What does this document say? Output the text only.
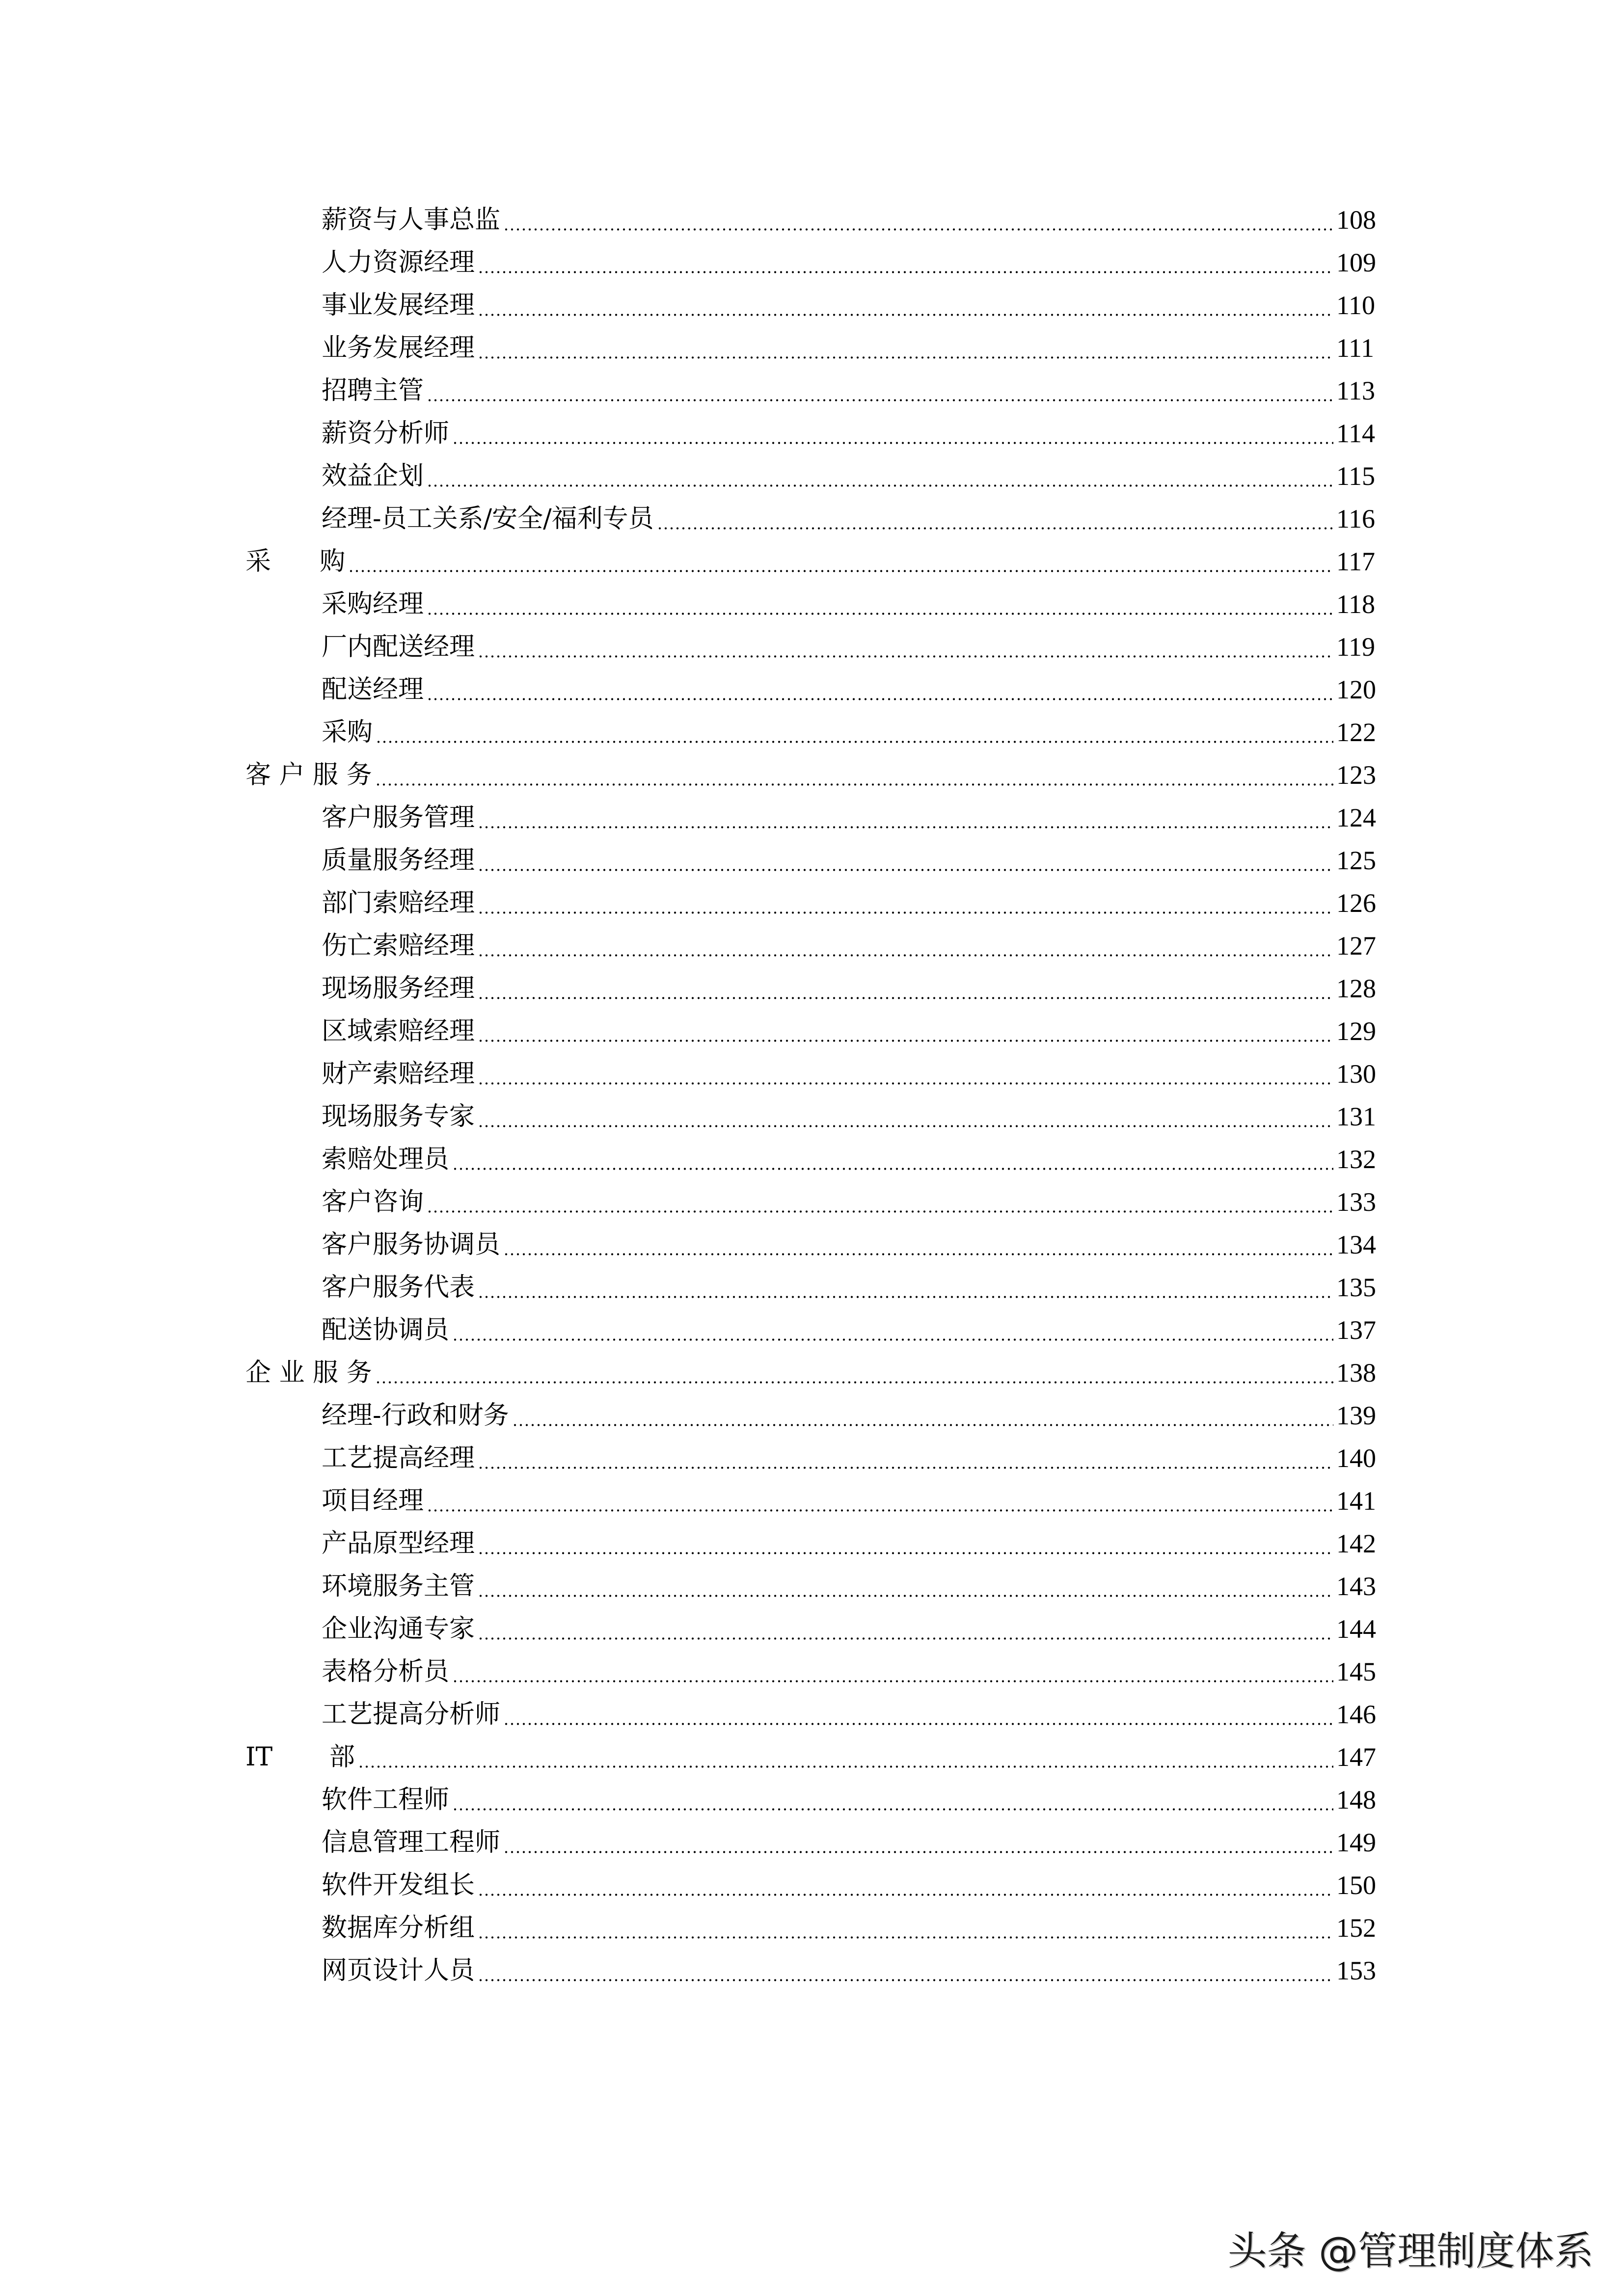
薪资与人事总监	108
人力资源经理	109
事业发展经理	110
业务发展经理	111
招聘主管	113
薪资分析师	114
效益企划	115
经理-员工关系/安全/福利专员	116
采      购	117
采购经理	118
厂内配送经理	119
配送经理	120
采购	122
客 户 服 务	123
客户服务管理	124
质量服务经理	125
部门索赔经理	126
伤亡索赔经理	127
现场服务经理	128
区域索赔经理	129
财产索赔经理	130
现场服务专家	131
索赔处理员	132
客户咨询	133
客户服务协调员	134
客户服务代表	135
配送协调员	137
企 业 服 务	138
经理-行政和财务	139
工艺提高经理	140
项目经理	141
产品原型经理	142
环境服务主管	143
企业沟通专家	144
表格分析员	145
工艺提高分析师	146
IT       部	147
软件工程师	148
信息管理工程师	149
软件开发组长	150
数据库分析组	152
网页设计人员	153
头条 @管理制度体系
